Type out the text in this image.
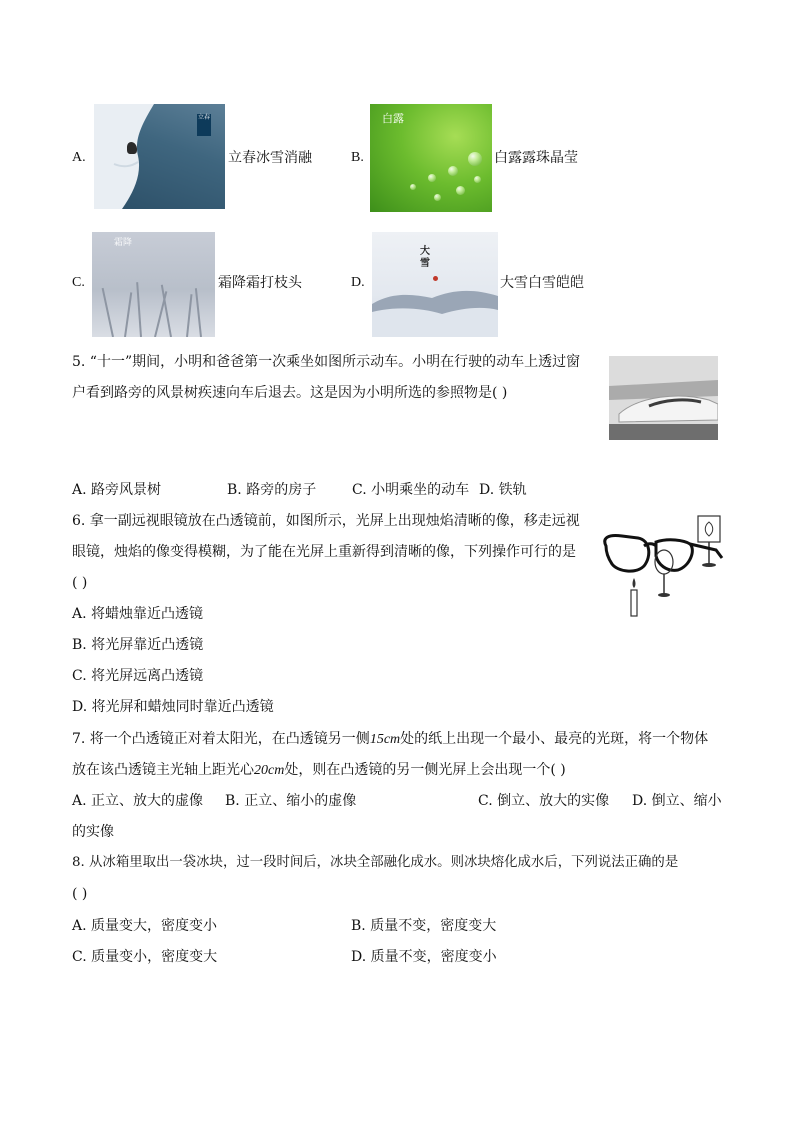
A.
立春
立春冰雪消融	B.
白露
白露露珠晶莹
C.
霜降
霜降霜打枝头	D.
大雪
大雪白雪皑皑
5. “十一”期间，小明和爸爸第一次乘坐如图所示动车。小明在行驶的动车上透过窗
户看到路旁的风景树疾速向车后退去。这是因为小明所选的参照物是( )
A. 路旁风景树	B. 路旁的房子	C. 小明乘坐的动车 D. 铁轨
6. 拿一副远视眼镜放在凸透镜前，如图所示，光屏上出现烛焰清晰的像，移走远视
眼镜，烛焰的像变得模糊，为了能在光屏上重新得到清晰的像，下列操作可行的是
( )
A. 将蜡烛靠近凸透镜
B. 将光屏靠近凸透镜
C. 将光屏远离凸透镜
D. 将光屏和蜡烛同时靠近凸透镜
7. 将一个凸透镜正对着太阳光，在凸透镜另一侧15cm处的纸上出现一个最小、最亮的光斑，将一个物体
放在该凸透镜主光轴上距光心20cm处，则在凸透镜的另一侧光屏上会出现一个( )
A. 正立、放大的虚像 B. 正立、缩小的虚像	C. 倒立、放大的实像 D. 倒立、缩小
的实像
8. 从冰箱里取出一袋冰块，过一段时间后，冰块全部融化成水。则冰块熔化成水后，下列说法正确的是
( )
A. 质量变大，密度变小	B. 质量不变，密度变大
C. 质量变小，密度变大	D. 质量不变，密度变小
